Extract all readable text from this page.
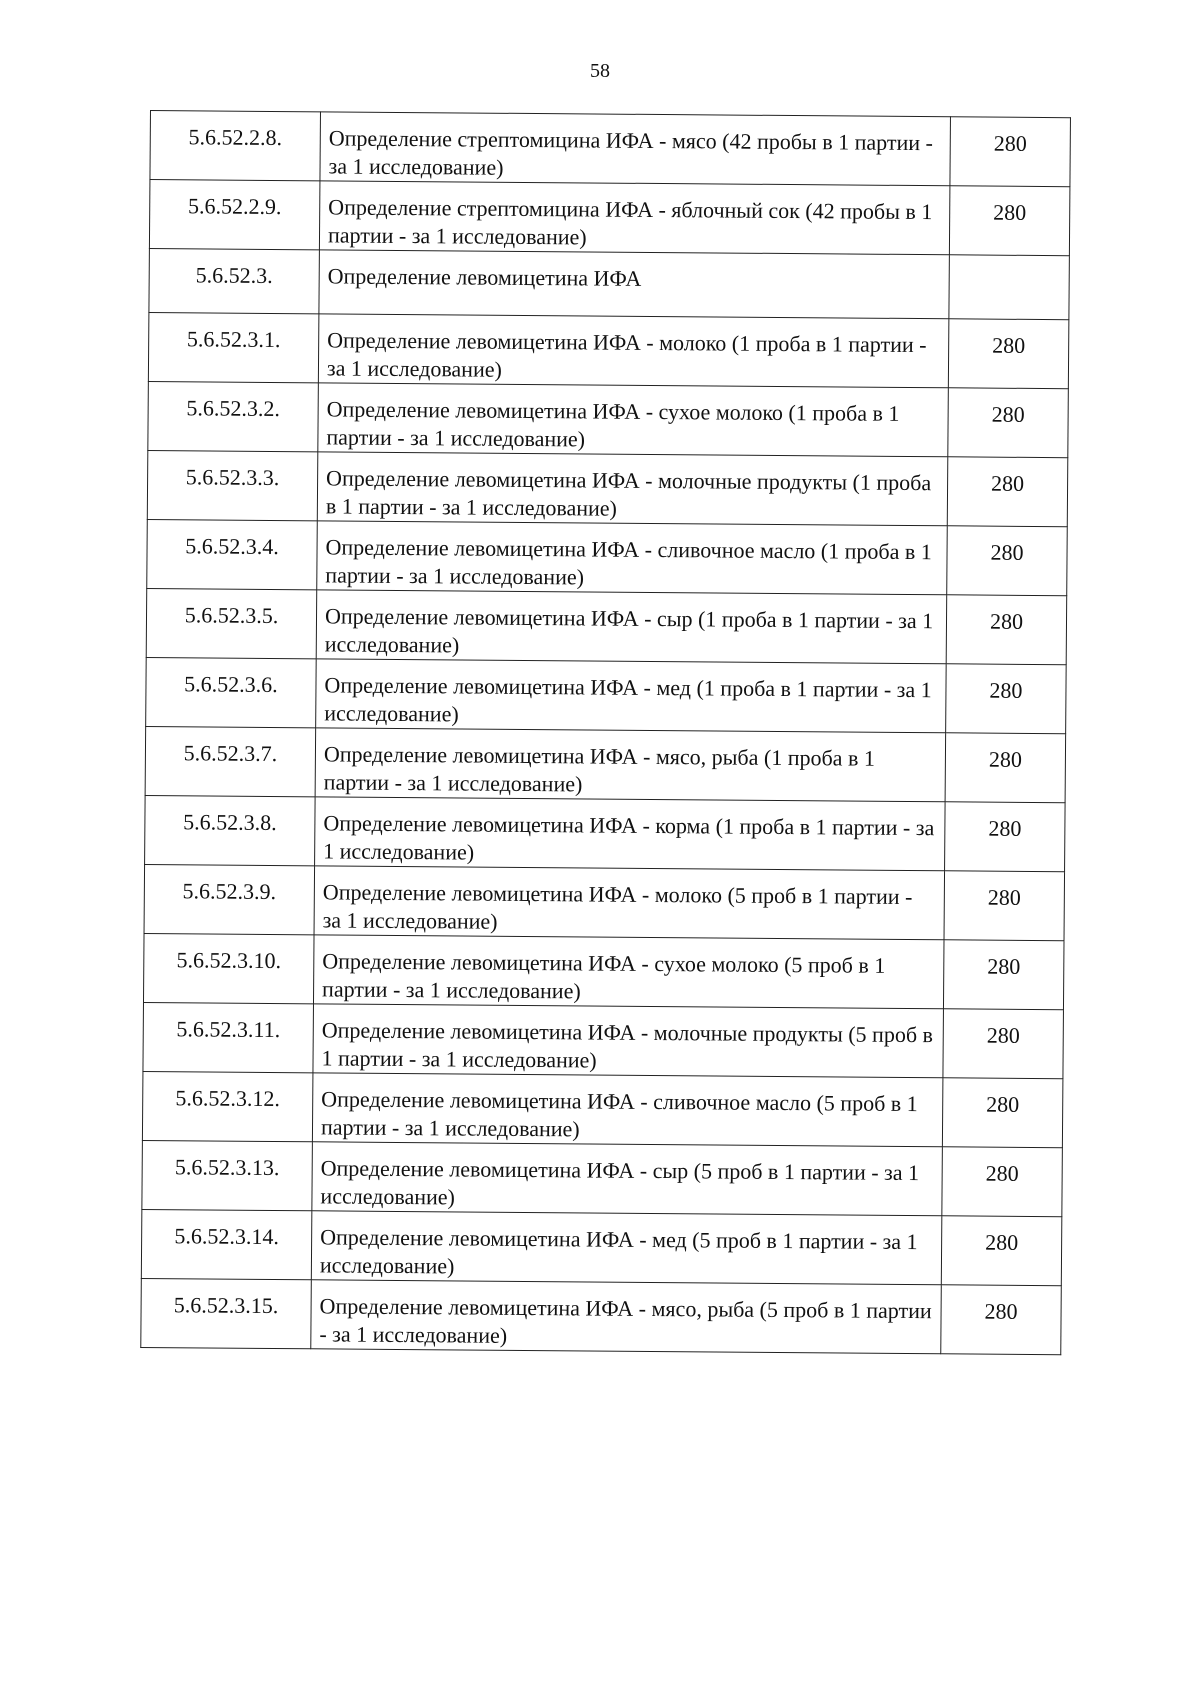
58
5.6.52.2.8.	Определение стрептомицина ИФА - мясо (42 пробы в 1 партии - за 1 исследование)	280
5.6.52.2.9.	Определение стрептомицина ИФА - яблочный сок (42 пробы в 1 партии - за 1 исследование)	280
5.6.52.3.	Определение левомицетина ИФА	
5.6.52.3.1.	Определение левомицетина ИФА - молоко (1 проба в 1 партии - за 1 исследование)	280
5.6.52.3.2.	Определение левомицетина ИФА - сухое молоко (1 проба в 1 партии - за 1 исследование)	280
5.6.52.3.3.	Определение левомицетина ИФА - молочные продукты (1 проба в 1 партии - за 1 исследование)	280
5.6.52.3.4.	Определение левомицетина ИФА - сливочное масло (1 проба в 1 партии - за 1 исследование)	280
5.6.52.3.5.	Определение левомицетина ИФА - сыр (1 проба в 1 партии - за 1 исследование)	280
5.6.52.3.6.	Определение левомицетина ИФА - мед (1 проба в 1 партии - за 1 исследование)	280
5.6.52.3.7.	Определение левомицетина ИФА - мясо, рыба (1 проба в 1 партии - за 1 исследование)	280
5.6.52.3.8.	Определение левомицетина ИФА - корма (1 проба в 1 партии - за 1 исследование)	280
5.6.52.3.9.	Определение левомицетина ИФА - молоко (5 проб в 1 партии - за 1 исследование)	280
5.6.52.3.10.	Определение левомицетина ИФА - сухое молоко (5 проб в 1 партии - за 1 исследование)	280
5.6.52.3.11.	Определение левомицетина ИФА - молочные продукты (5 проб в 1 партии - за 1 исследование)	280
5.6.52.3.12.	Определение левомицетина ИФА - сливочное масло (5 проб в 1 партии - за 1 исследование)	280
5.6.52.3.13.	Определение левомицетина ИФА - сыр (5 проб в 1 партии - за 1 исследование)	280
5.6.52.3.14.	Определение левомицетина ИФА - мед (5 проб в 1 партии - за 1 исследование)	280
5.6.52.3.15.	Определение левомицетина ИФА - мясо, рыба (5 проб в 1 партии - за 1 исследование)	280
